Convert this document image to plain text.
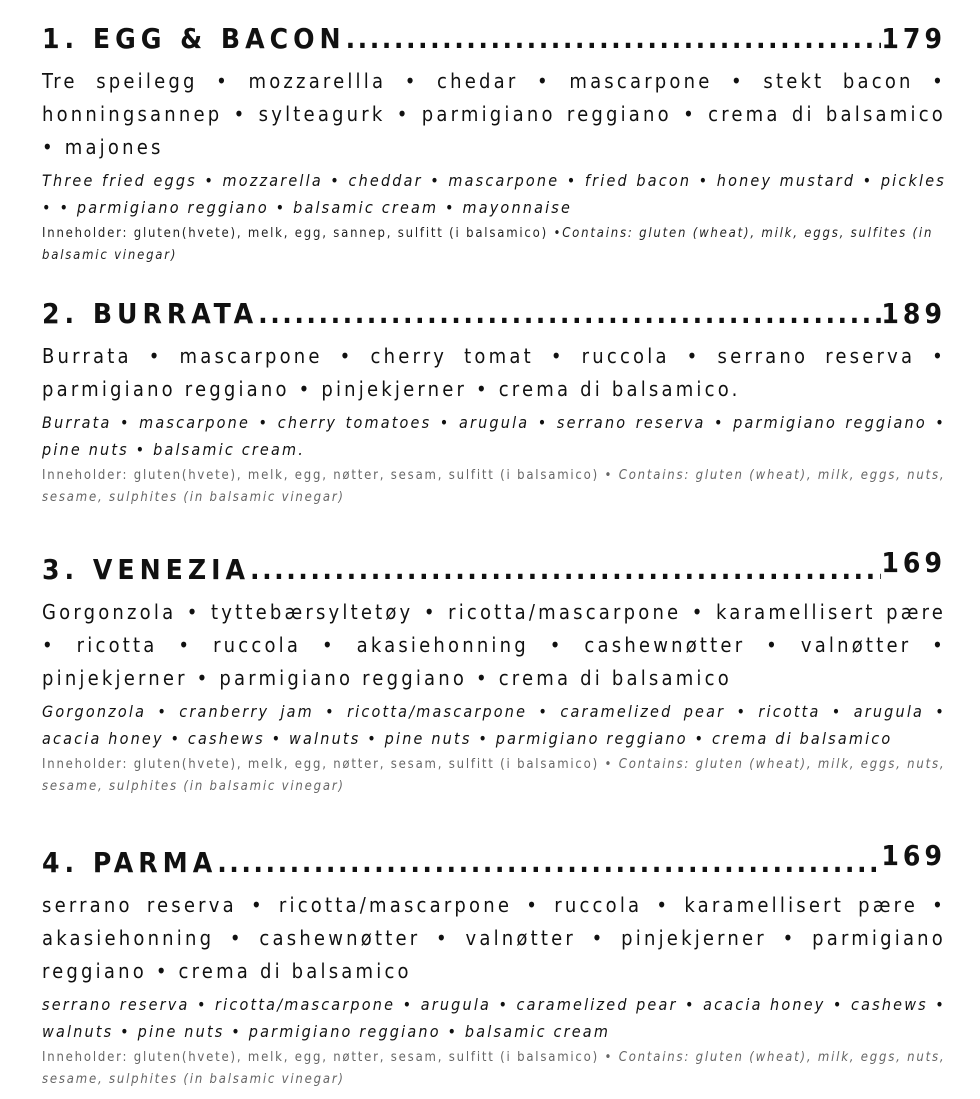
1. EGG & BACON .....	179
Tre speilegg • mozzarellla • chedar • mascarpone • stekt bacon • honningsannep • sylteagurk • parmigiano reggiano • crema di balsamico • majones
Three fried eggs • mozzarella • cheddar • mascarpone • fried bacon • honey mustard • pickles • • parmigiano reggiano • balsamic cream • mayonnaise
Inneholder: gluten(hvete), melk, egg, sannep, sulfitt (i balsamico) •Contains: gluten (wheat), milk, eggs, sulfites (in balsamic vinegar)
2. BURRATA .....	189
Burrata • mascarpone • cherry tomat • ruccola • serrano reserva • parmigiano reggiano • pinjekjerner • crema di balsamico.
Burrata • mascarpone • cherry tomatoes • arugula • serrano reserva • parmigiano reggiano • pine nuts • balsamic cream.
Inneholder: gluten(hvete), melk, egg, nøtter, sesam, sulfitt (i balsamico) • Contains: gluten (wheat), milk, eggs, nuts, sesame, sulphites (in balsamic vinegar)
3. VENEZIA .....	169
Gorgonzola • tyttebærsyltetøy • ricotta/mascarpone • karamellisert pære • ricotta • ruccola • akasiehonning • cashewnøtter • valnøtter • pinjekjerner • parmigiano reggiano • crema di balsamico
Gorgonzola • cranberry jam • ricotta/mascarpone • caramelized pear • ricotta • arugula • acacia honey • cashews • walnuts • pine nuts • parmigiano reggiano • crema di balsamico
Inneholder: gluten(hvete), melk, egg, nøtter, sesam, sulfitt (i balsamico) • Contains: gluten (wheat), milk, eggs, nuts, sesame, sulphites (in balsamic vinegar)
4. PARMA .....	169
serrano reserva • ricotta/mascarpone • ruccola • karamellisert pære • akasiehonning • cashewnøtter • valnøtter • pinjekjerner • parmigiano reggiano • crema di balsamico
serrano reserva • ricotta/mascarpone • arugula • caramelized pear • acacia honey • cashews • walnuts • pine nuts • parmigiano reggiano • balsamic cream
Inneholder: gluten(hvete), melk, egg, nøtter, sesam, sulfitt (i balsamico) • Contains: gluten (wheat), milk, eggs, nuts, sesame, sulphites (in balsamic vinegar)
